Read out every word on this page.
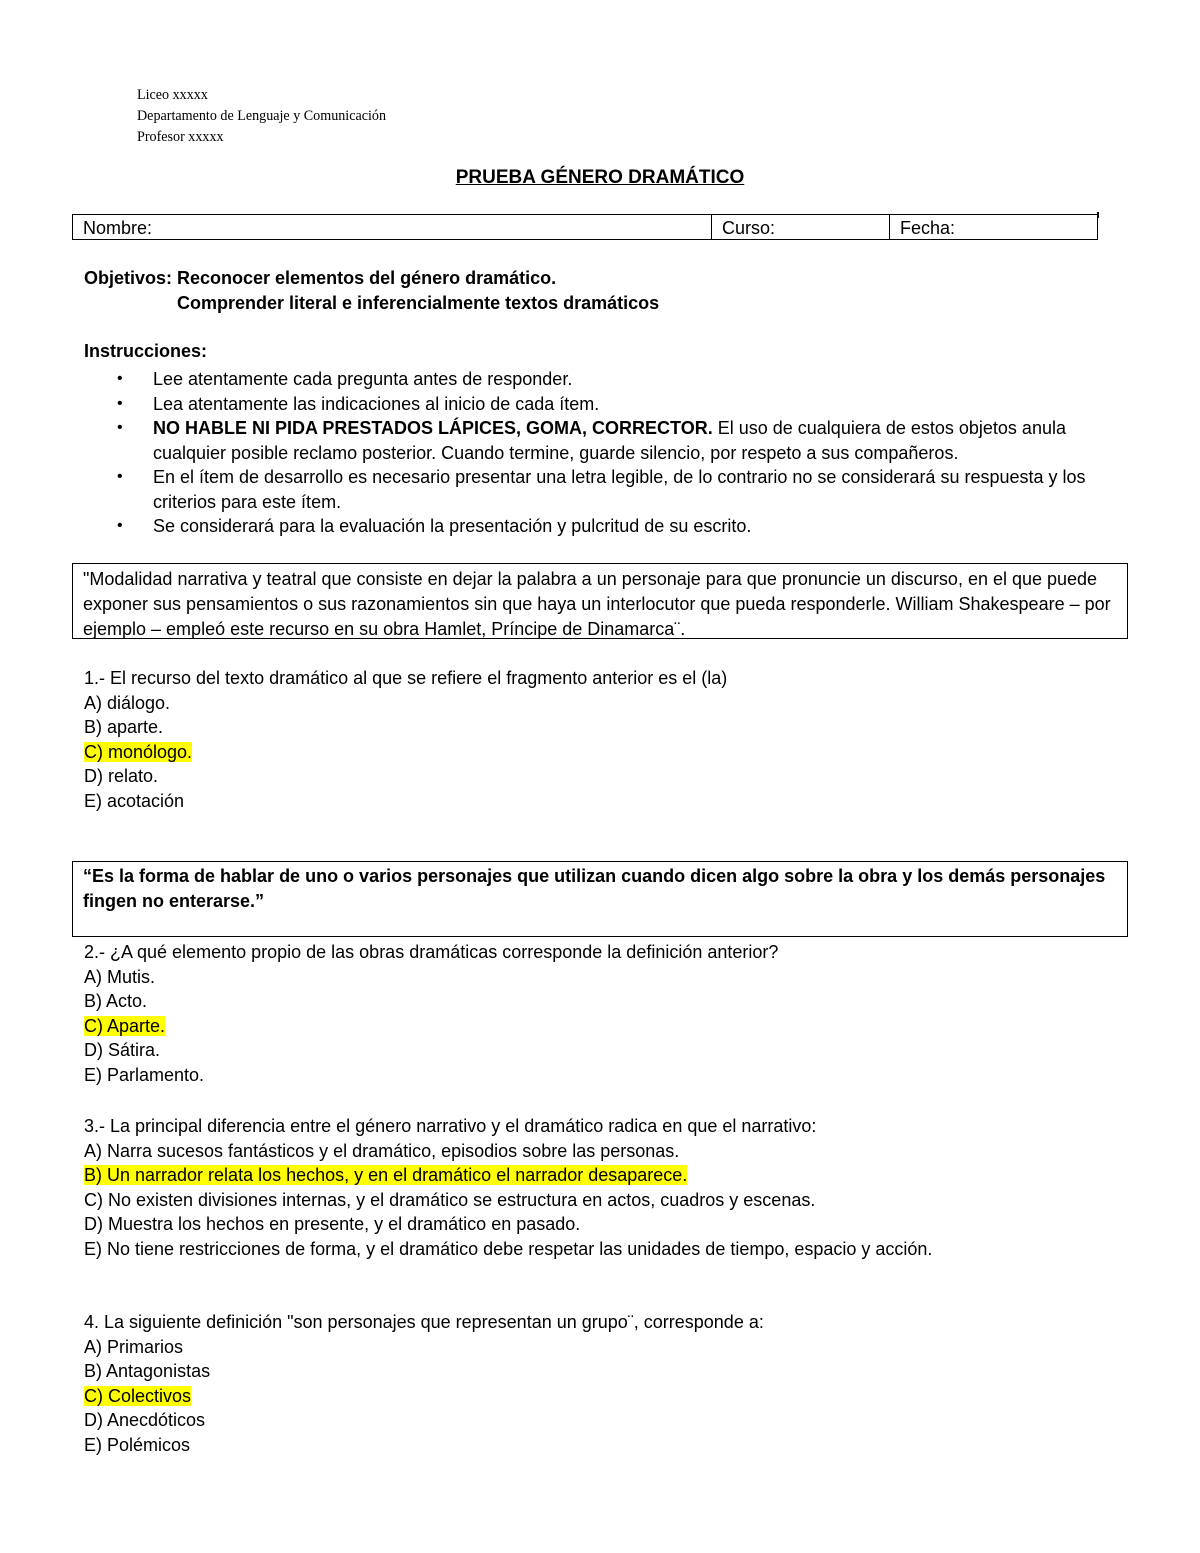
Liceo xxxxx
Departamento de Lenguaje y Comunicación
Profesor xxxxx
PRUEBA GÉNERO DRAMÁTICO
Nombre:	Curso:	Fecha:
Objetivos: Reconocer elementos del género dramático.
Comprender literal e inferencialmente textos dramáticos
Instrucciones:
• Lee atentamente cada pregunta antes de responder.
• Lea atentamente las indicaciones al inicio de cada ítem.
• NO HABLE NI PIDA PRESTADOS LÁPICES, GOMA, CORRECTOR. El uso de cualquiera de estos objetos anula cualquier posible reclamo posterior. Cuando termine, guarde silencio, por respeto a sus compañeros.
• En el ítem de desarrollo es necesario presentar una letra legible, de lo contrario no se considerará su respuesta y los criterios para este ítem.
• Se considerará para la evaluación la presentación y pulcritud de su escrito.
"Modalidad narrativa y teatral que consiste en dejar la palabra a un personaje para que pronuncie un discurso, en el que puede exponer sus pensamientos o sus razonamientos sin que haya un interlocutor que pueda responderle. William Shakespeare – por ejemplo – empleó este recurso en su obra Hamlet, Príncipe de Dinamarca¨.
1.- El recurso del texto dramático al que se refiere el fragmento anterior es el (la)
A) diálogo.
B) aparte.
C) monólogo.
D) relato.
E) acotación
“Es la forma de hablar de uno o varios personajes que utilizan cuando dicen algo sobre la obra y los demás personajes fingen no enterarse.”
2.- ¿A qué elemento propio de las obras dramáticas corresponde la definición anterior?
A) Mutis.
B) Acto.
C) Aparte.
D) Sátira.
E) Parlamento.
3.- La principal diferencia entre el género narrativo y el dramático radica en que el narrativo:
A) Narra sucesos fantásticos y el dramático, episodios sobre las personas.
B) Un narrador relata los hechos, y en el dramático el narrador desaparece.
C) No existen divisiones internas, y el dramático se estructura en actos, cuadros y escenas.
D) Muestra los hechos en presente, y el dramático en pasado.
E) No tiene restricciones de forma, y el dramático debe respetar las unidades de tiempo, espacio y acción.
4. La siguiente definición "son personajes que representan un grupo¨, corresponde a:
A) Primarios
B) Antagonistas
C) Colectivos
D) Anecdóticos
E) Polémicos
